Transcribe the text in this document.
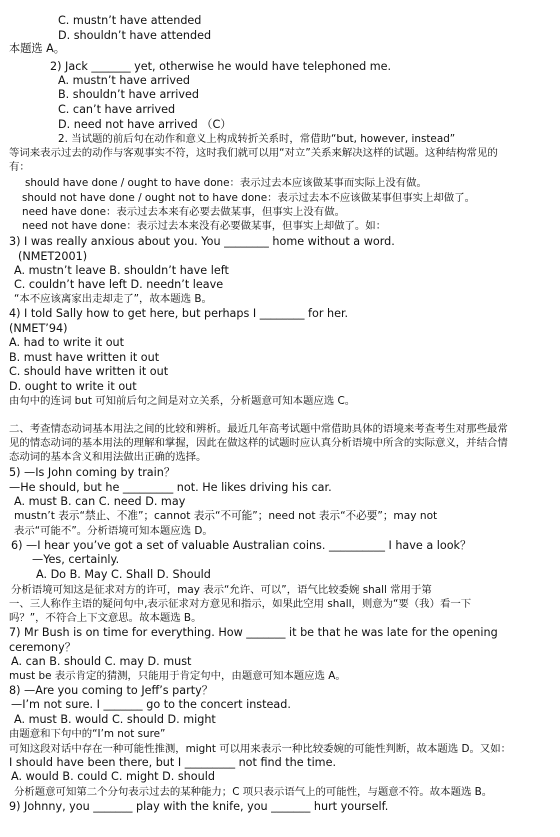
C. mustn’t have attended
D. shouldn’t have attended
本题选 A。
2) Jack _______ yet, otherwise he would have telephoned me.
A. mustn’t have arrived
B. shouldn’t have arrived
C. can’t have arrived
D. need not have arrived （C）
2. 当试题的前后句在动作和意义上构成转折关系时，常借助“but, however, instead”
等词来表示过去的动作与客观事实不符，这时我们就可以用“对立”关系来解决这样的试题。这种结构常见的
有：
should have done / ought to have done：表示过去本应该做某事而实际上没有做。
should not have done / ought not to have done：表示过去本不应该做某事但事实上却做了。
need have done：表示过去本来有必要去做某事，但事实上没有做。
need not have done：表示过去本来没有必要做某事，但事实上却做了。如：
3) I was really anxious about you. You ________ home without a word.
(NMET2001)
A. mustn’t leave B. shouldn’t have left
C. couldn’t have left D. needn’t leave
“本不应该离家出走却走了”，故本题选 B。
4) I told Sally how to get here, but perhaps I ________ for her.
(NMET’94)
A. had to write it out
B. must have written it out
C. should have written it out
D. ought to write it out
由句中的连词 but 可知前后句之间是对立关系，分析题意可知本题应选 C。
二、考查情态动词基本用法之间的比较和辨析。最近几年高考试题中常借助具体的语境来考查考生对那些最常
见的情态动词的基本用法的理解和掌握，因此在做这样的试题时应认真分析语境中所含的实际意义，并结合情
态动词的基本含义和用法做出正确的选择。
5) —Is John coming by train？
—He should, but he _________ not. He likes driving his car.
A. must B. can C. need D. may
mustn’t 表示“禁止、不准”；cannot 表示“不可能”；need not 表示“不必要”；may not
表示“可能不”。分析语境可知本题应选 D。
6) —I hear you’ve got a set of valuable Australian coins. __________ I have a look？
—Yes, certainly.
A. Do B. May C. Shall D. Should
分析语境可知这是征求对方的许可，may 表示“允许、可以”，语气比较委婉 shall 常用于第
一、三人称作主语的疑问句中,表示征求对方意见和指示，如果此空用 shall，则意为“要（我）看一下
吗？”，不符合上下文意思。故本题选 B。
7) Mr Bush is on time for everything. How _______ it be that he was late for the opening
ceremony？
A. can B. should C. may D. must
must be 表示肯定的猜测，只能用于肯定句中，由题意可知本题应选 A。
8) —Are you coming to Jeff’s party？
—I’m not sure. I _______ go to the concert instead.
A. must B. would C. should D. might
由题意和下句中的“I’m not sure”
可知这段对话中存在一种可能性推测，might 可以用来表示一种比较委婉的可能性判断，故本题选 D。又如：
I should have been there, but I _________ not find the time.
A. would B. could C. might D. should
分析题意可知第二个分句表示过去的某种能力；C 项只表示语气上的可能性，与题意不符。故本题选 B。
9) Johnny, you _______ play with the knife, you _______ hurt yourself.
